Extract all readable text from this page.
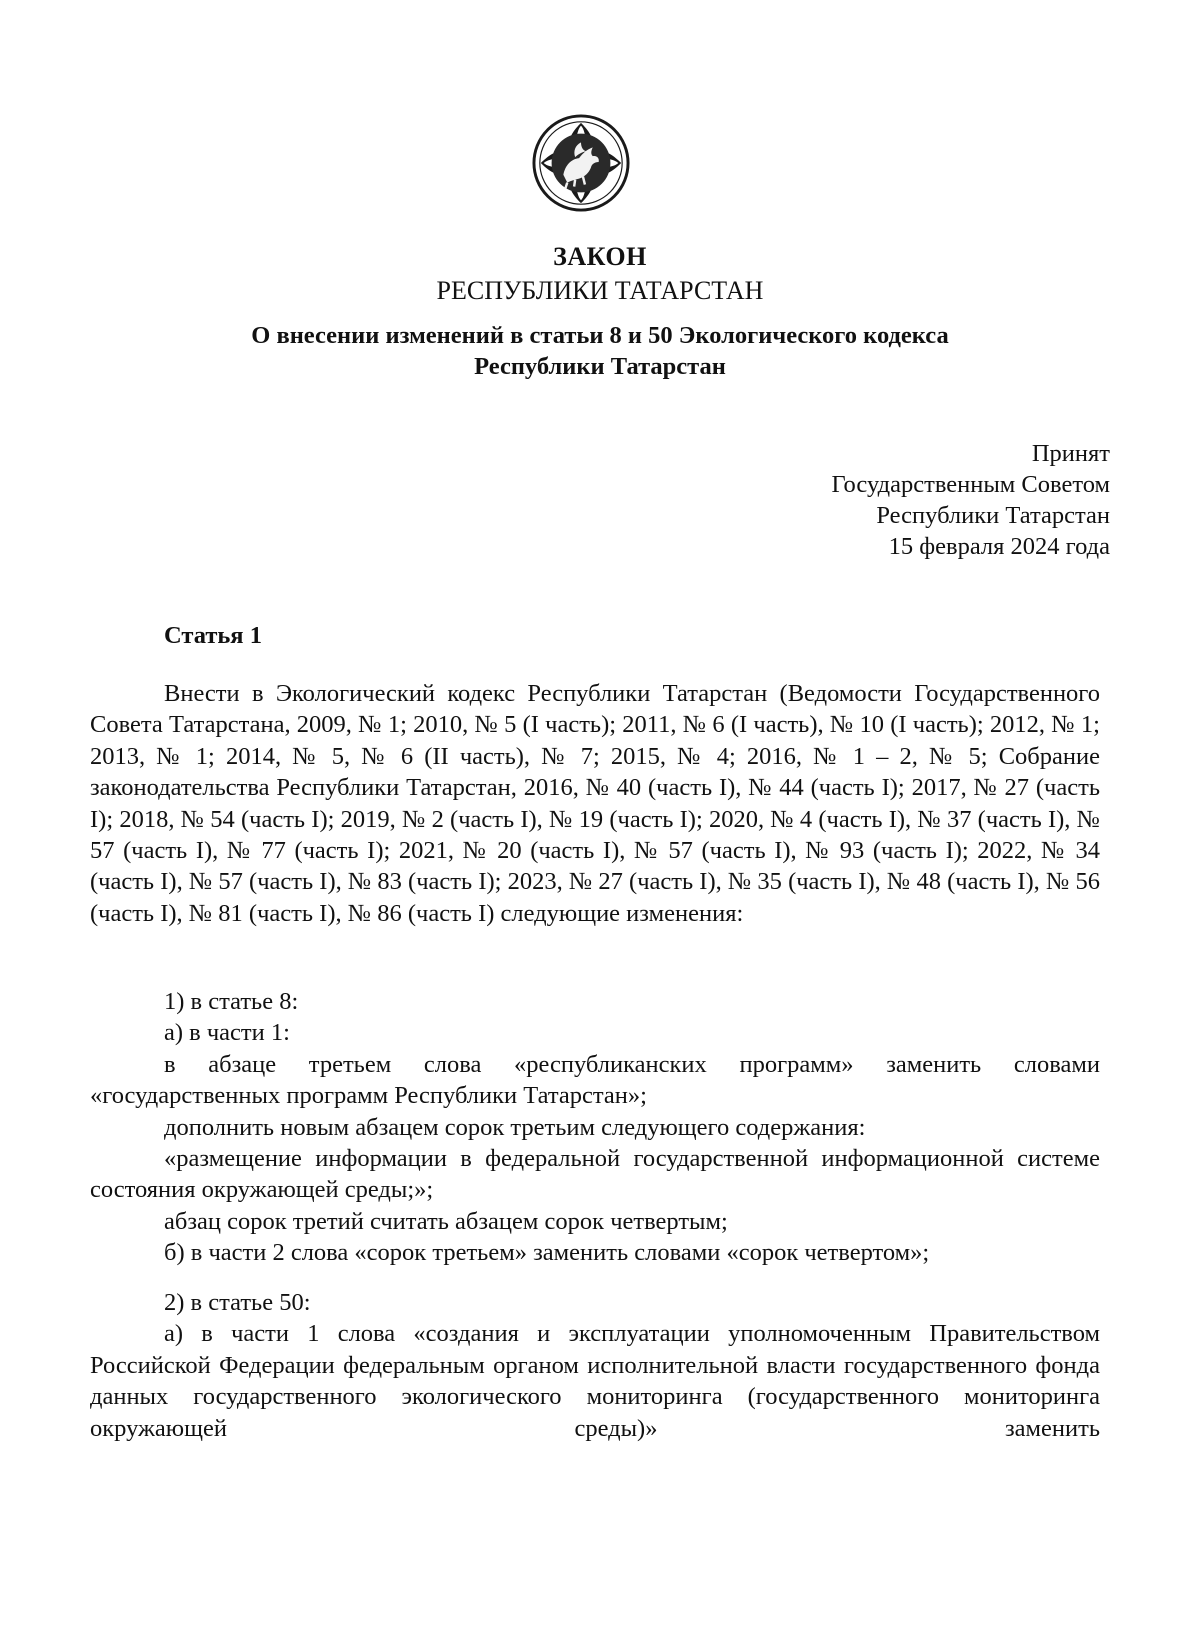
ЗАКОН
РЕСПУБЛИКИ ТАТАРСТАН
О внесении изменений в статьи 8 и 50 Экологического кодекса
Республики Татарстан
Принят
Государственным Советом
Республики Татарстан
15 февраля 2024 года
Статья 1

Внести в Экологический кодекс Республики Татарстан (Ведомости Государственного Совета Татарстана, 2009, № 1; 2010, № 5 (I часть); 2011, № 6 (I часть), № 10 (I часть); 2012, № 1; 2013, № 1; 2014, № 5, № 6 (II часть), № 7; 2015, № 4; 2016, № 1 – 2, № 5; Собрание законодательства Республики Татарстан, 2016, № 40 (часть I), № 44 (часть I); 2017, № 27 (часть I); 2018, № 54 (часть I); 2019, № 2 (часть I), № 19 (часть I); 2020, № 4 (часть I), № 37 (часть I), № 57 (часть I), № 77 (часть I); 2021, № 20 (часть I), № 57 (часть I), № 93 (часть I); 2022, № 34 (часть I), № 57 (часть I), № 83 (часть I); 2023, № 27 (часть I), № 35 (часть I), № 48 (часть I), № 56 (часть I), № 81 (часть I), № 86 (часть I) следующие изменения:

1) в статье 8:

а) в части 1:

в абзаце третьем слова «республиканских программ» заменить словами «государственных программ Республики Татарстан»;

дополнить новым абзацем сорок третьим следующего содержания:

«размещение информации в федеральной государственной информационной системе состояния окружающей среды;»;

абзац сорок третий считать абзацем сорок четвертым;

б) в части 2 слова «сорок третьем» заменить словами «сорок четвертом»;

2) в статье 50:

а) в части 1 слова «создания и эксплуатации уполномоченным Правительством Российской Федерации федеральным органом исполнительной власти государственного фонда данных государственного экологического мониторинга (государственного мониторинга окружающей среды)» заменить
